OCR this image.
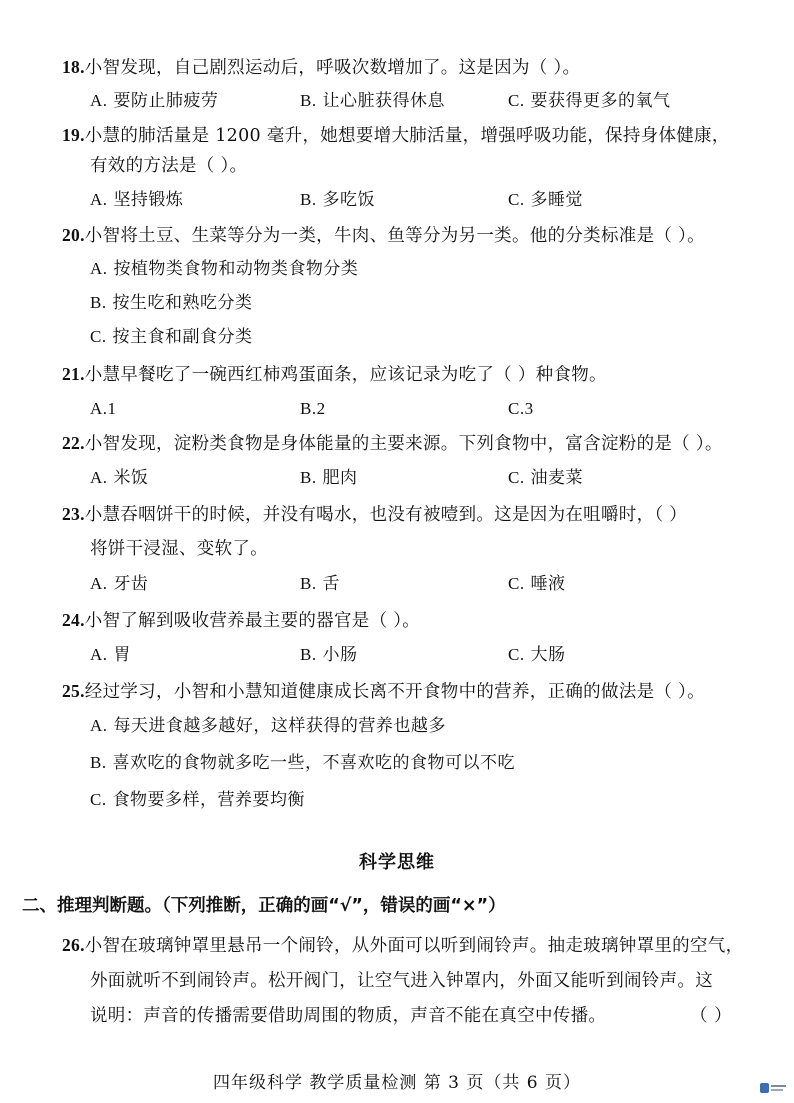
18.小智发现，自己剧烈运动后，呼吸次数增加了。这是因为（ ）。
A. 要防止肺疲劳	B. 让心脏获得休息	C. 要获得更多的氧气
19.小慧的肺活量是 1200 毫升，她想要增大肺活量，增强呼吸功能，保持身体健康，
有效的方法是（ ）。
A. 坚持锻炼	B. 多吃饭	C. 多睡觉
20.小智将土豆、生菜等分为一类，牛肉、鱼等分为另一类。他的分类标准是（ ）。
A. 按植物类食物和动物类食物分类
B. 按生吃和熟吃分类
C. 按主食和副食分类
21.小慧早餐吃了一碗西红柿鸡蛋面条，应该记录为吃了（ ）种食物。
A.1	B.2	C.3
22.小智发现，淀粉类食物是身体能量的主要来源。下列食物中，富含淀粉的是（ ）。
A. 米饭	B. 肥肉	C. 油麦菜
23.小慧吞咽饼干的时候，并没有喝水，也没有被噎到。这是因为在咀嚼时，（ ）
将饼干浸湿、变软了。
A. 牙齿	B. 舌	C. 唾液
24.小智了解到吸收营养最主要的器官是（ ）。
A. 胃	B. 小肠	C. 大肠
25.经过学习，小智和小慧知道健康成长离不开食物中的营养，正确的做法是（ ）。
A. 每天进食越多越好，这样获得的营养也越多
B. 喜欢吃的食物就多吃一些，不喜欢吃的食物可以不吃
C. 食物要多样，营养要均衡
科学思维
二、推理判断题。（下列推断，正确的画“√”，错误的画“×”）
26.小智在玻璃钟罩里悬吊一个闹铃，从外面可以听到闹铃声。抽走玻璃钟罩里的空气，
外面就听不到闹铃声。松开阀门，让空气进入钟罩内，外面又能听到闹铃声。这
说明：声音的传播需要借助周围的物质，声音不能在真空中传播。	（ ）
四年级科学 教学质量检测 第 3 页（共 6 页）
